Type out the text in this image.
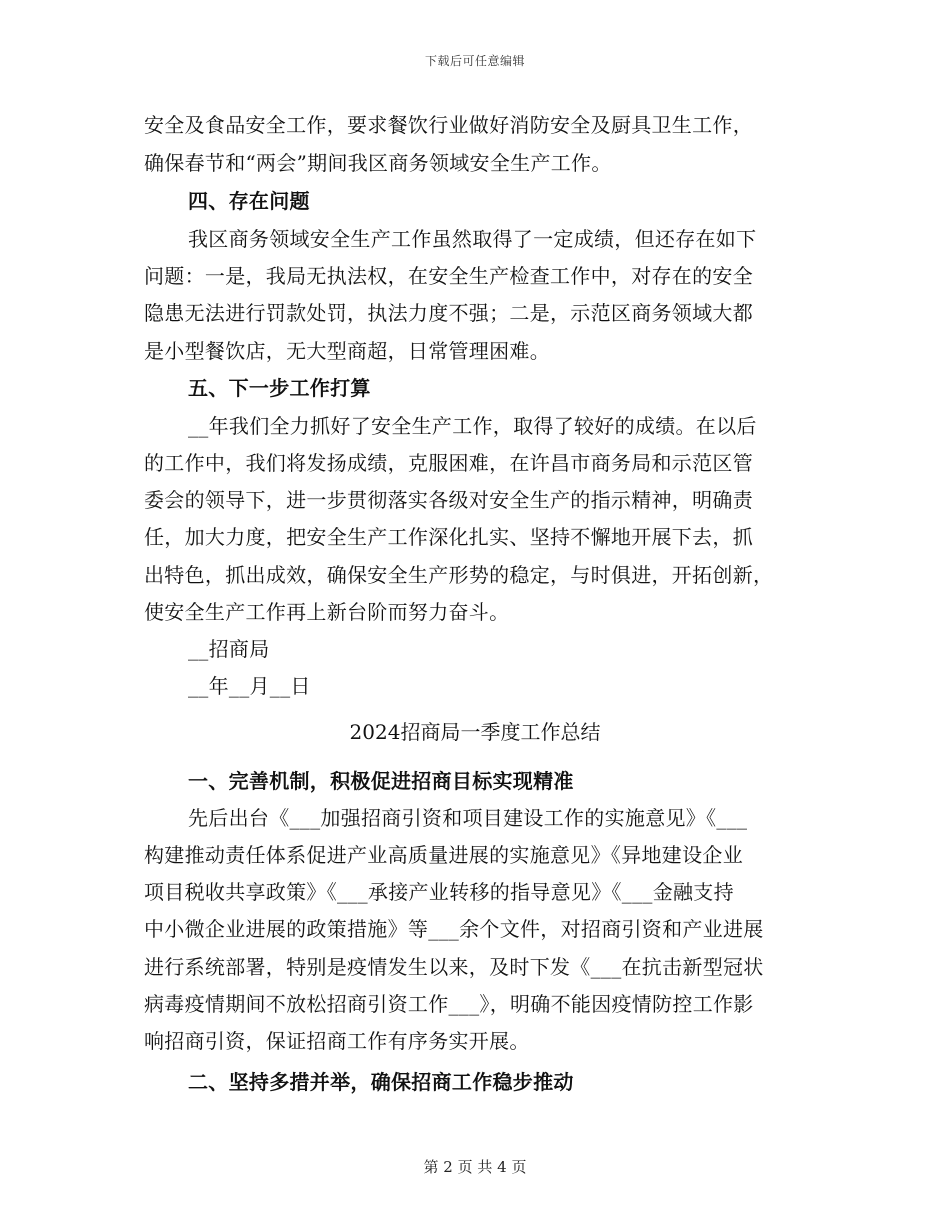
下载后可任意编辑
安全及食品安全工作，要求餐饮行业做好消防安全及厨具卫生工作，
确保春节和“两会”期间我区商务领域安全生产工作。
四、存在问题
我区商务领域安全生产工作虽然取得了一定成绩，但还存在如下
问题：一是，我局无执法权，在安全生产检查工作中，对存在的安全
隐患无法进行罚款处罚，执法力度不强；二是，示范区商务领域大都
是小型餐饮店，无大型商超，日常管理困难。
五、下一步工作打算
__年我们全力抓好了安全生产工作，取得了较好的成绩。在以后
的工作中，我们将发扬成绩，克服困难，在许昌市商务局和示范区管
委会的领导下，进一步贯彻落实各级对安全生产的指示精神，明确责
任，加大力度，把安全生产工作深化扎实、坚持不懈地开展下去，抓
出特色，抓出成效，确保安全生产形势的稳定，与时俱进，开拓创新，
使安全生产工作再上新台阶而努力奋斗。
__招商局
__年__月__日
2024招商局一季度工作总结
一、完善机制，积极促进招商目标实现精准
先后出台《___加强招商引资和项目建设工作的实施意见》《___
构建推动责任体系促进产业高质量进展的实施意见》《异地建设企业
项目税收共享政策》《___承接产业转移的指导意见》《___金融支持
中小微企业进展的政策措施》等___余个文件，对招商引资和产业进展
进行系统部署，特别是疫情发生以来，及时下发《___在抗击新型冠状
病毒疫情期间不放松招商引资工作___》，明确不能因疫情防控工作影
响招商引资，保证招商工作有序务实开展。
二、坚持多措并举，确保招商工作稳步推动
第 2 页 共 4 页
